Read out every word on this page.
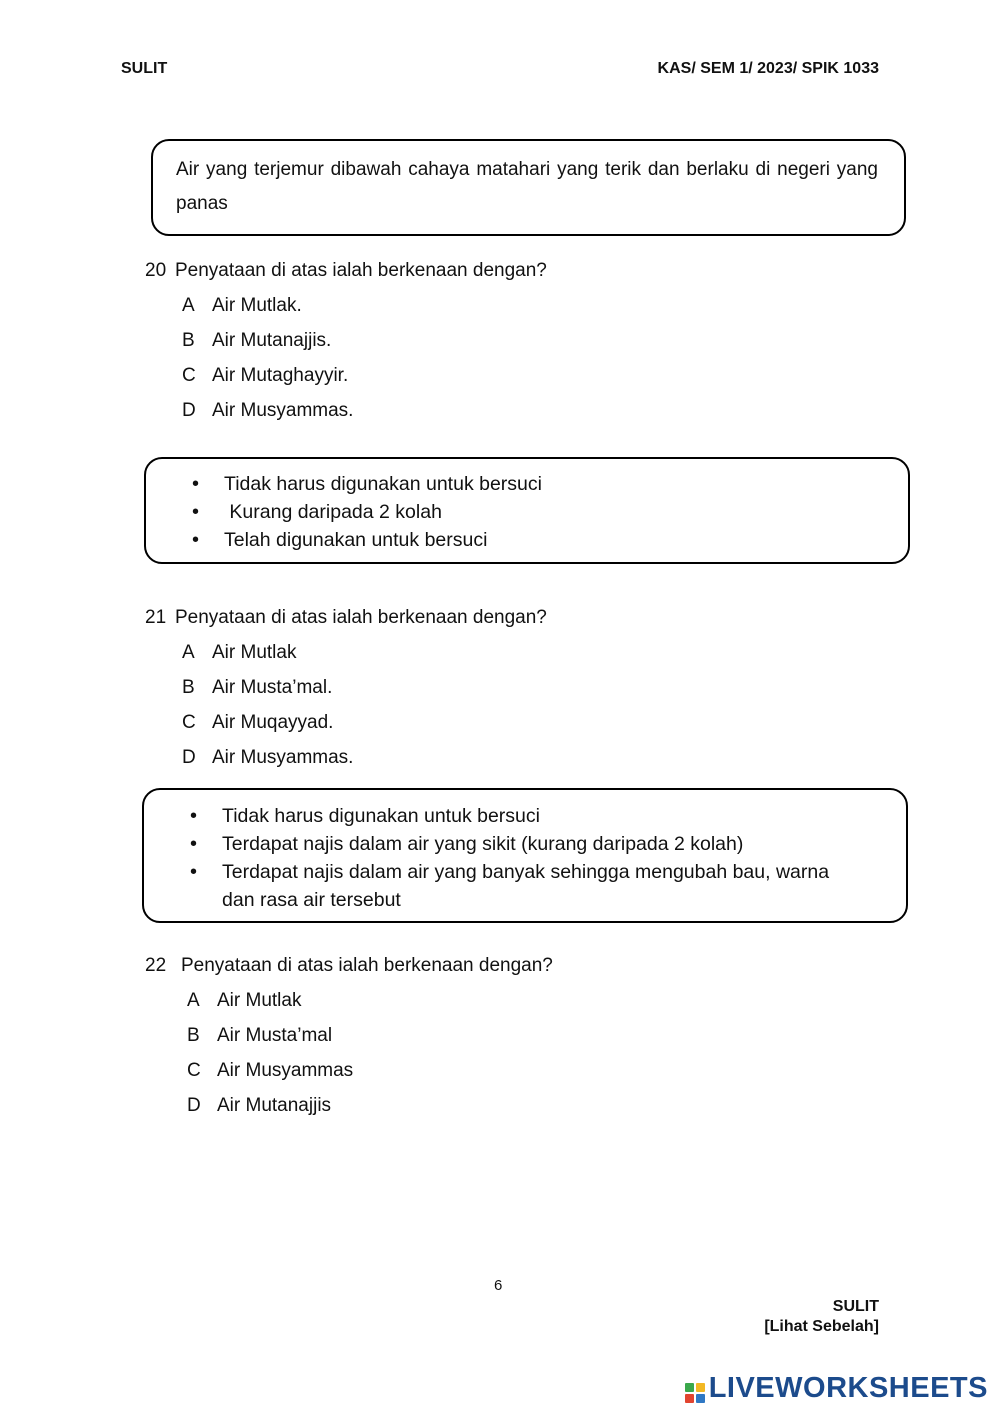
SULIT	KAS/ SEM 1/ 2023/ SPIK 1033
Air yang terjemur dibawah cahaya matahari yang terik dan berlaku di negeri yang panas
20 Penyataan di atas ialah berkenaan dengan?
A Air Mutlak.
B Air Mutanajjis.
C Air Mutaghayyir.
D Air Musyammas.
• Tidak harus digunakan untuk bersuci
•  Kurang daripada 2 kolah
• Telah digunakan untuk bersuci
21 Penyataan di atas ialah berkenaan dengan?
A Air Mutlak
B Air Musta’mal.
C Air Muqayyad.
D Air Musyammas.
• Tidak harus digunakan untuk bersuci
• Terdapat najis dalam air yang sikit (kurang daripada 2 kolah)
• Terdapat najis dalam air yang banyak sehingga mengubah bau, warna dan rasa air tersebut
22 Penyataan di atas ialah berkenaan dengan?
A Air Mutlak
B Air Musta’mal
C Air Musyammas
D Air Mutanajjis
6
SULIT
[Lihat Sebelah]
LIVEWORKSHEETS
